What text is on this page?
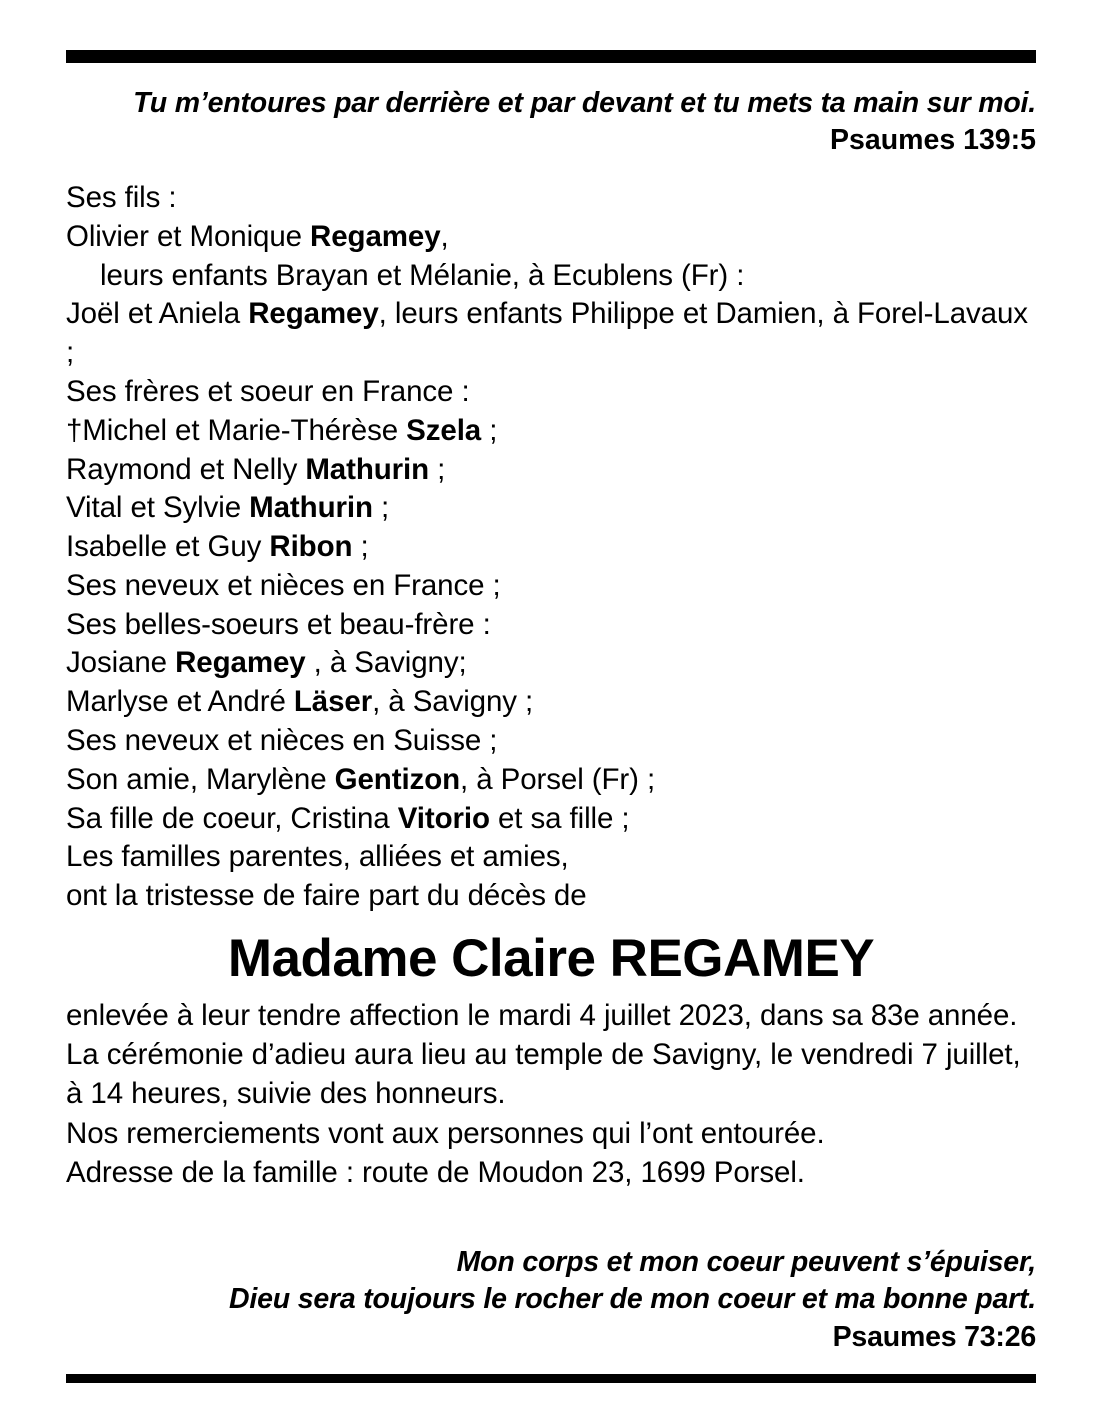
Tu m’entoures par derrière et par devant et tu mets ta main sur moi.
Psaumes 139:5
Ses fils :
Olivier et Monique Regamey,
leurs enfants Brayan et Mélanie, à Ecublens (Fr) :
Joël et Aniela Regamey, leurs enfants Philippe et Damien, à Forel-Lavaux ;
Ses frères et soeur en France :
†Michel et Marie-Thérèse Szela ;
Raymond et Nelly Mathurin ;
Vital et Sylvie Mathurin ;
Isabelle et Guy Ribon ;
Ses neveux et nièces en France ;
Ses belles-soeurs et beau-frère :
Josiane Regamey , à Savigny;
Marlyse et André Läser, à Savigny ;
Ses neveux et nièces en Suisse ;
Son amie, Marylène Gentizon, à Porsel (Fr) ;
Sa fille de coeur, Cristina Vitorio et sa fille ;
Les familles parentes, alliées et amies,
ont la tristesse de faire part du décès de
Madame Claire REGAMEY
enlevée à leur tendre affection le mardi 4 juillet 2023, dans sa 83e année.
La cérémonie d’adieu aura lieu au temple de Savigny, le vendredi 7 juillet,
à 14 heures, suivie des honneurs.
Nos remerciements vont aux personnes qui l’ont entourée.
Adresse de la famille : route de Moudon 23, 1699 Porsel.
Mon corps et mon coeur peuvent s’épuiser,
Dieu sera toujours le rocher de mon coeur et ma bonne part.
Psaumes 73:26
